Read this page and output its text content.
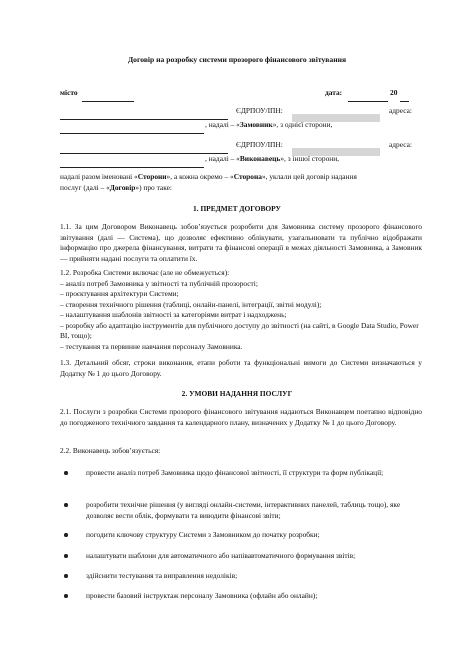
Договір на розробку системи прозорого фінансового звітування
місто	дата:	20
ЄДРПОУ/ІПН:	адреса:
, надалі – «Замовник», з однієї сторони,
ЄДРПОУ/ІПН:	адреса:
, надалі – «Виконавець», з іншої сторони,
надалі разом іменовані «Сторони», а кожна окремо – «Сторона», уклали цей договір надання
послуг (далі – «Договір») про таке:
1. ПРЕДМЕТ ДОГОВОРУ
1.1. За цим Договором Виконавець зобов’язується розробити для Замовника систему прозорого фінансового звітування (далі — Система), що дозволяє ефективно облікувати, узагальнювати та публічно відображати інформацію про джерела фінансування, витрати та фінансові операції в межах діяльності Замовника, а Замовник — прийняти надані послуги та оплатити їх.
1.2. Розробка Системи включає (але не обмежується):
– аналіз потреб Замовника у звітності та публічній прозорості;
– проєктування архітектури Системи;
– створення технічного рішення (таблиці, онлайн-панелі, інтеграції, звітні модулі);
– налаштування шаблонів звітності за категоріями витрат і надходжень;
– розробку або адаптацію інструментів для публічного доступу до звітності (на сайті, в Google Data Studio, Power BI, тощо);
– тестування та первинне навчання персоналу Замовника.
1.3. Детальний обсяг, строки виконання, етапи роботи та функціональні вимоги до Системи визначаються у Додатку № 1 до цього Договору.
2. УМОВИ НАДАННЯ ПОСЛУГ
2.1. Послуги з розробки Системи прозорого фінансового звітування надаються Виконавцем поетапно відповідно до погодженого технічного завдання та календарного плану, визначених у Додатку № 1 до цього Договору.
2.2. Виконавець зобов’язується:
провести аналіз потреб Замовника щодо фінансової звітності, її структури та форм публікації;
розробити технічне рішення (у вигляді онлайн-системи, інтерактивних панелей, таблиць тощо), яке дозволяє вести облік, формувати та виводити фінансові звіти;
погодити ключову структуру Системи з Замовником до початку розробки;
налаштувати шаблони для автоматичного або напівавтоматичного формування звітів;
здійснити тестування та виправлення недоліків;
провести базовий інструктаж персоналу Замовника (офлайн або онлайн);
